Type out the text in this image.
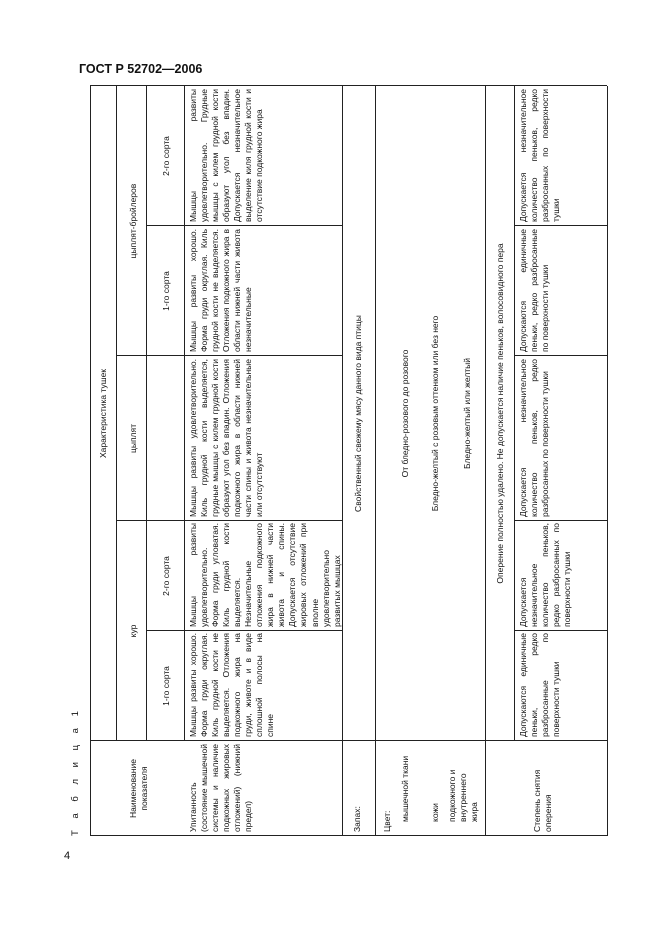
ГОСТ Р 52702—2006
4
Т а б л и ц а 1	Наименование показателя
Характеристика тушек
кур
цыплят
цыплят-бройлеров
1-го сорта
2-го сорта
1-го сорта
2-го сорта
Упитанность (состояние мышечной системы и наличие подкожных жировых отложений) (нижний предел)
Мышцы развиты хорошо. Форма груди округлая. Киль грудной кости не выделяется. Отложения подкожного жира на груди, животе и в виде сплошной полосы на спине
Мышцы развиты удовлетворительно. Форма груди угловатая. Киль грудной кости выделяется. Незначительные отложения подкожного жира в нижней части живота и спины. Допускается отсутствие жировых отложений при вполне удовлетворительно развитых мышцах
Мышцы развиты удовлетворительно. Киль грудной кости выделяется, грудные мышцы с килем грудной кости образуют угол без впадин. Отложения подкожного жира в области нижней части спины и живота незначительные или отсутствуют
Мышцы развиты хорошо. Форма груди округлая. Киль грудной кости не выделяется. Отложения подкожного жира в области нижней части живота незначительные
Мышцы развиты удовлетворительно. Грудные мышцы с килем грудной кости образуют угол без впадин. Допускается незначительное выделение киля грудной кости и отсутствие подкожного жира
Запах:
Свойственный свежему мясу данного вида птицы
Цвет: мышечной ткани
От бледно-розового до розового
кожи
Бледно-желтый с розовым оттенком или без него
подкожного и внутреннего жира
Бледно-желтый или желтый
Степень снятия оперения
Оперение полностью удалено. Не допускается наличие пеньков, волосовидного пера
Допускаются единичные пеньки, редко разбросанные по поверхности тушки
Допускается незначительное количество пеньков, редко разбросанных по поверхности тушки
Допускается незначительное количество пеньков, редко разбросанных по поверхности тушки
Допускаются единичные пеньки, редко разбросанные по поверхности тушки
Допускается незначительное количество пеньков, редко разбросанных по поверхности тушки
